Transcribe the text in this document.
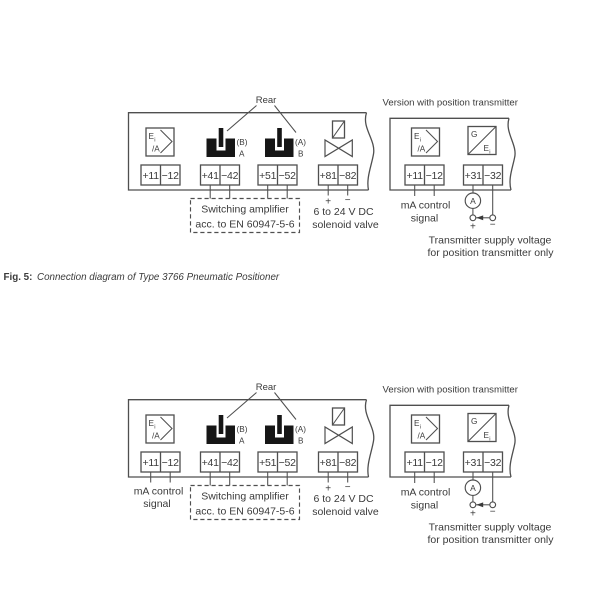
Rear
E i
/A
(B)
A
(A)
B
+11 −12 +41 −42 +51 −52 +81 −82
Switching amplifier
acc. to EN 60947-5-6
+ −
6 to 24 V DC
solenoid valve
Version with position transmitter
E i
/A
G
E i
+11 −12 +31 −32
mA control
signal
A
+ −
Transmitter supply voltage
for position transmitter only
Fig. 5: Connection diagram of Type 3766 Pneumatic Positioner
Rear
E i
/A
(B)
A
(A)
B
+11 −12 +41 −42 +51 −52 +81 −82
mA control
signal
Switching amplifier
acc. to EN 60947-5-6
+ −
6 to 24 V DC
solenoid valve
Version with position transmitter
E i
/A
G
E i
+11 −12 +31 −32
mA control
signal
A
+ −
Transmitter supply voltage
for position transmitter only
